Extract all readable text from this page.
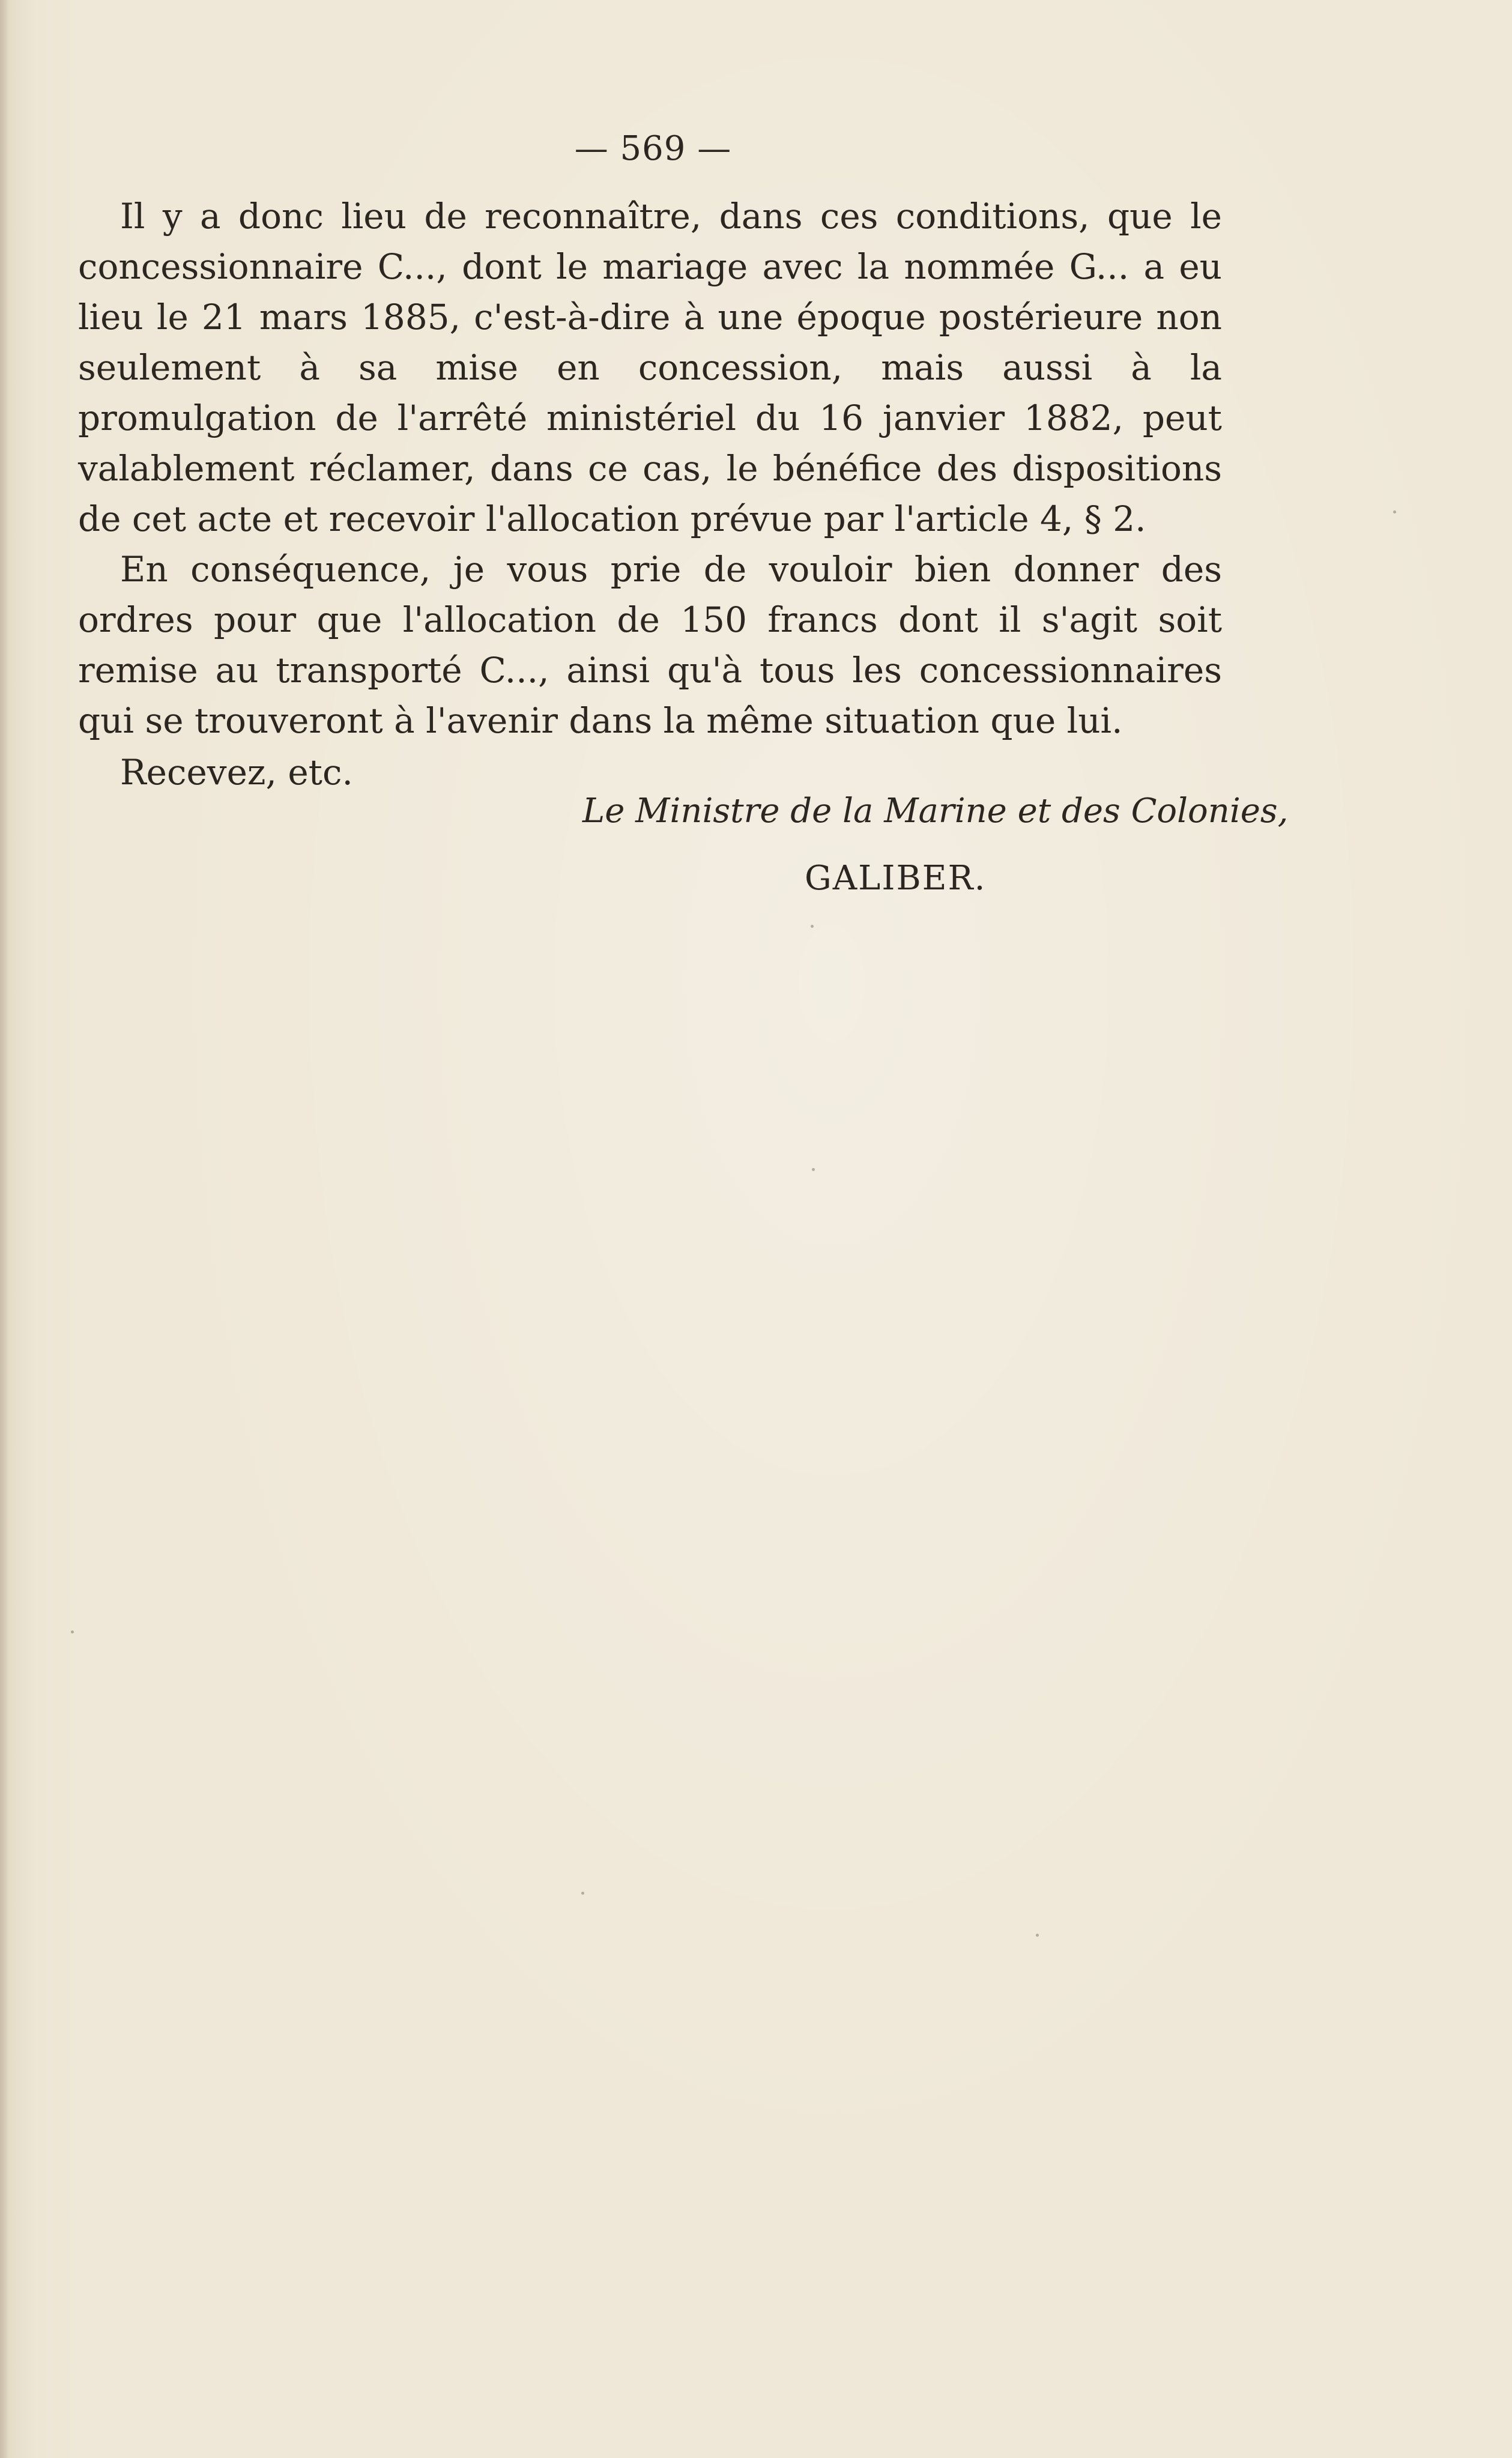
— 569 —

Il y a donc lieu de reconnaître, dans ces conditions, que le concessionnaire C..., dont le mariage avec la nommée G... a eu lieu le 21 mars 1885, c'est-à-dire à une époque postérieure non seulement à sa mise en concession, mais aussi à la promulgation de l'arrêté ministériel du 16 janvier 1882, peut valablement réclamer, dans ce cas, le bénéfice des dispositions de cet acte et recevoir l'allocation prévue par l'article 4, § 2.

En conséquence, je vous prie de vouloir bien donner des ordres pour que l'allocation de 150 francs dont il s'agit soit remise au transporté C..., ainsi qu'à tous les concessionnaires qui se trouveront à l'avenir dans la même situation que lui.

Recevez, etc.

Le Ministre de la Marine et des Colonies,
GALIBER.
